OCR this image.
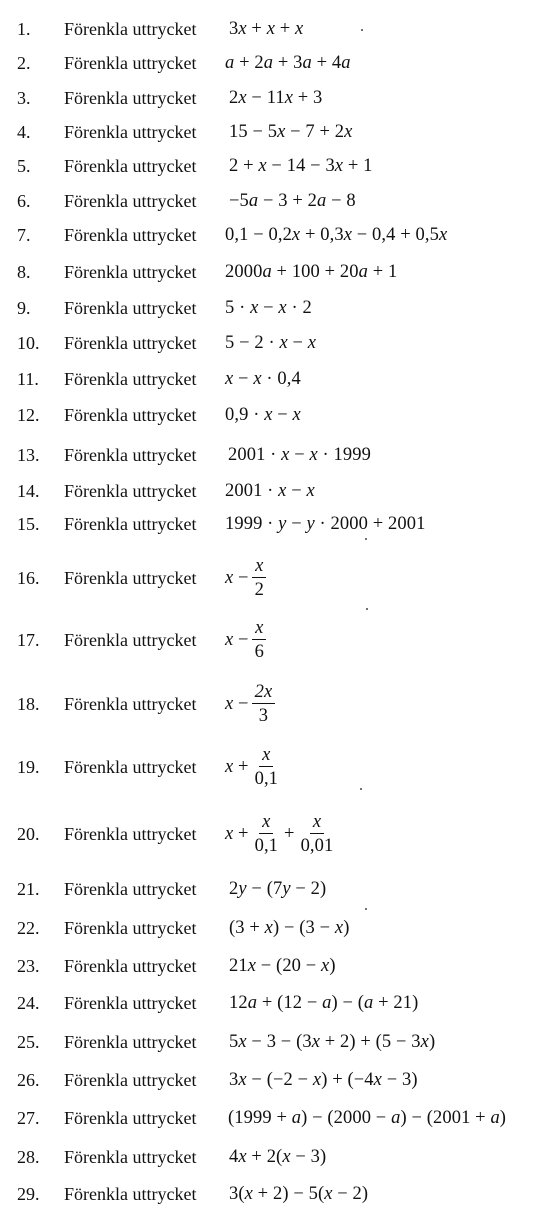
1. Förenkla uttrycket 3x + x + x
2. Förenkla uttrycket a + 2a + 3a + 4a
3. Förenkla uttrycket 2x − 11x + 3
4. Förenkla uttrycket 15 − 5x − 7 + 2x
5. Förenkla uttrycket 2 + x − 14 − 3x + 1
6. Förenkla uttrycket −5a − 3 + 2a − 8
7. Förenkla uttrycket 0,1 − 0,2x + 0,3x − 0,4 + 0,5x
8. Förenkla uttrycket 2000a + 100 + 20a + 1
9. Förenkla uttrycket 5 · x − x · 2
10. Förenkla uttrycket 5 − 2 · x − x
11. Förenkla uttrycket x − x · 0,4
12. Förenkla uttrycket 0,9 · x − x
13. Förenkla uttrycket 2001 · x − x · 1999
14. Förenkla uttrycket 2001 · x − x
15. Förenkla uttrycket 1999 · y − y · 2000 + 2001
16. Förenkla uttrycket $x - \frac{x}{2}$
17. Förenkla uttrycket $x - \frac{x}{6}$
18. Förenkla uttrycket $x - \frac{2x}{3}$
19. Förenkla uttrycket $x + \frac{x}{0,1}$
20. Förenkla uttrycket $x + \frac{x}{0,1} + \frac{x}{0,01}$
21. Förenkla uttrycket 2y − (7y − 2)
22. Förenkla uttrycket (3 + x) − (3 − x)
23. Förenkla uttrycket 21x − (20 − x)
24. Förenkla uttrycket 12a + (12 − a) − (a + 21)
25. Förenkla uttrycket 5x − 3 − (3x + 2) + (5 − 3x)
26. Förenkla uttrycket 3x − (−2 − x) + (−4x − 3)
27. Förenkla uttrycket (1999 + a) − (2000 − a) − (2001 + a)
28. Förenkla uttrycket 4x + 2(x − 3)
29. Förenkla uttrycket 3(x + 2) − 5(x − 2)
